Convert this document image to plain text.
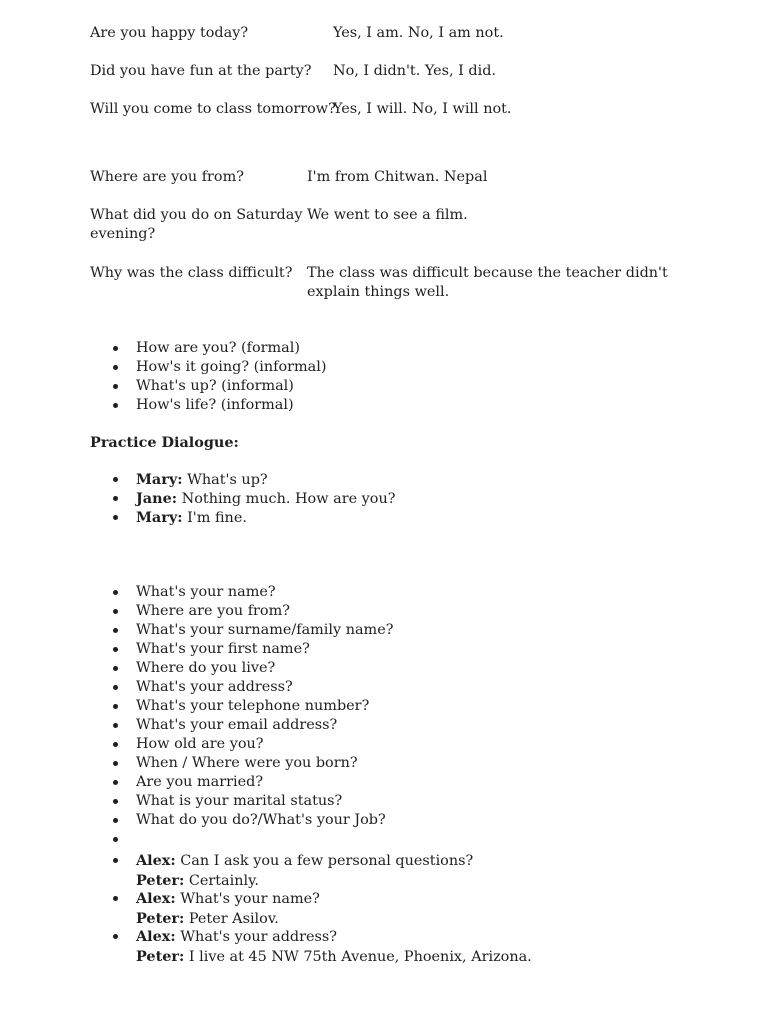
Are you happy today?	Yes, I am. No, I am not.
Did you have fun at the party? No, I didn't. Yes, I did.
Will you come to class tomorrow?
Yes, I will. No, I will not.
Where are you from?	I'm from Chitwan. Nepal
What did you do on Saturday evening?
We went to see a film.
Why was the class difficult? The class was difficult because the teacher didn't explain things well.
How are you? (formal)
How's it going? (informal)
What's up? (informal)
How's life? (informal)
Practice Dialogue:
Mary: What's up?
Jane: Nothing much. How are you?
Mary: I'm fine.
What's your name?
Where are you from?
What's your surname/family name?
What's your first name?
Where do you live?
What's your address?
What's your telephone number?
What's your email address?
How old are you?
When / Where were you born?
Are you married?
What is your marital status?
What do you do?/What's your Job?
Alex: Can I ask you a few personal questions?
Peter: Certainly.
Alex: What's your name?
Peter: Peter Asilov.
Alex: What's your address?
Peter: I live at 45 NW 75th Avenue, Phoenix, Arizona.
